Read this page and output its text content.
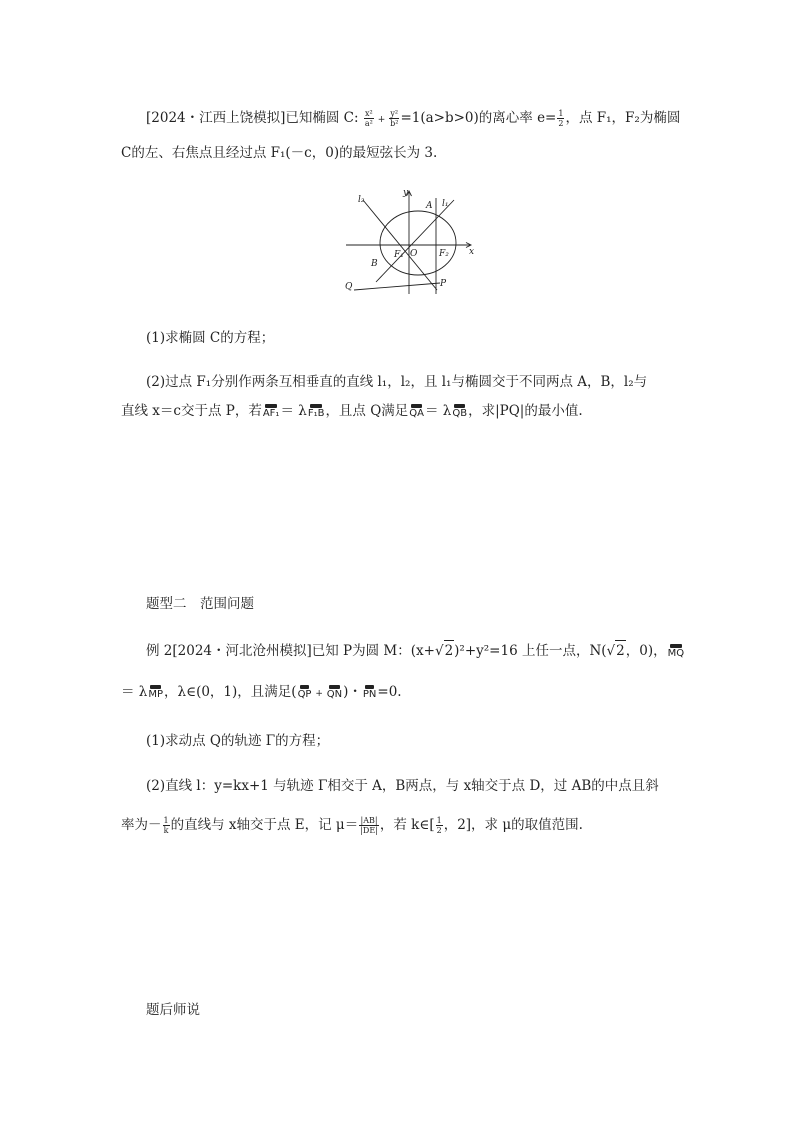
[2024・江西上饶模拟]已知椭圆 C: $\frac{\text{x²}}{\text{a²}} + \frac{\text{y²}}{\text{b²}} =1(a>b>0)$的离心率 $e= \frac{1}{2}$ ，点 F₁，F₂为椭圆
C的左、右焦点且经过点 F₁(－c，0)的最短弦长为 3.
l₂	l₁
y
A
O
F₁	F₂ x
B
Q	P
(1)求椭圆 C的方程；
(2)过点 F₁分别作两条互相垂直的直线 l₁，l₂，且 l₁与椭圆交于不同两点 A，B，l₂与
直线 x＝c交于点 P，若 AF₁ ＝ λ F₁B ，且点 Q满足 QA ＝ λ QB ，求|PQ|的最小值.
题型二　范围问题
例 2[2024・河北沧州模拟]已知 P为圆 M：(x+√2)²+y²=16 上任一点，N(√2，0)， MQ
＝ λ MP ，λ∈(0，1)，且满足( QP + QN )・ PN =0.
(1)求动点 Q的轨迹 Γ的方程；
(2)直线 l：y=kx+1 与轨迹 Γ相交于 A，B两点，与 x轴交于点 D，过 AB的中点且斜
率为－ $\frac{1}{k}$ 的直线与 x轴交于点 E，记 $\mu= \frac{|AB|}{|DE|}$ ，若 k∈[ $\frac{1}{2}$ ，2]，求 μ的取值范围.
题后师说
